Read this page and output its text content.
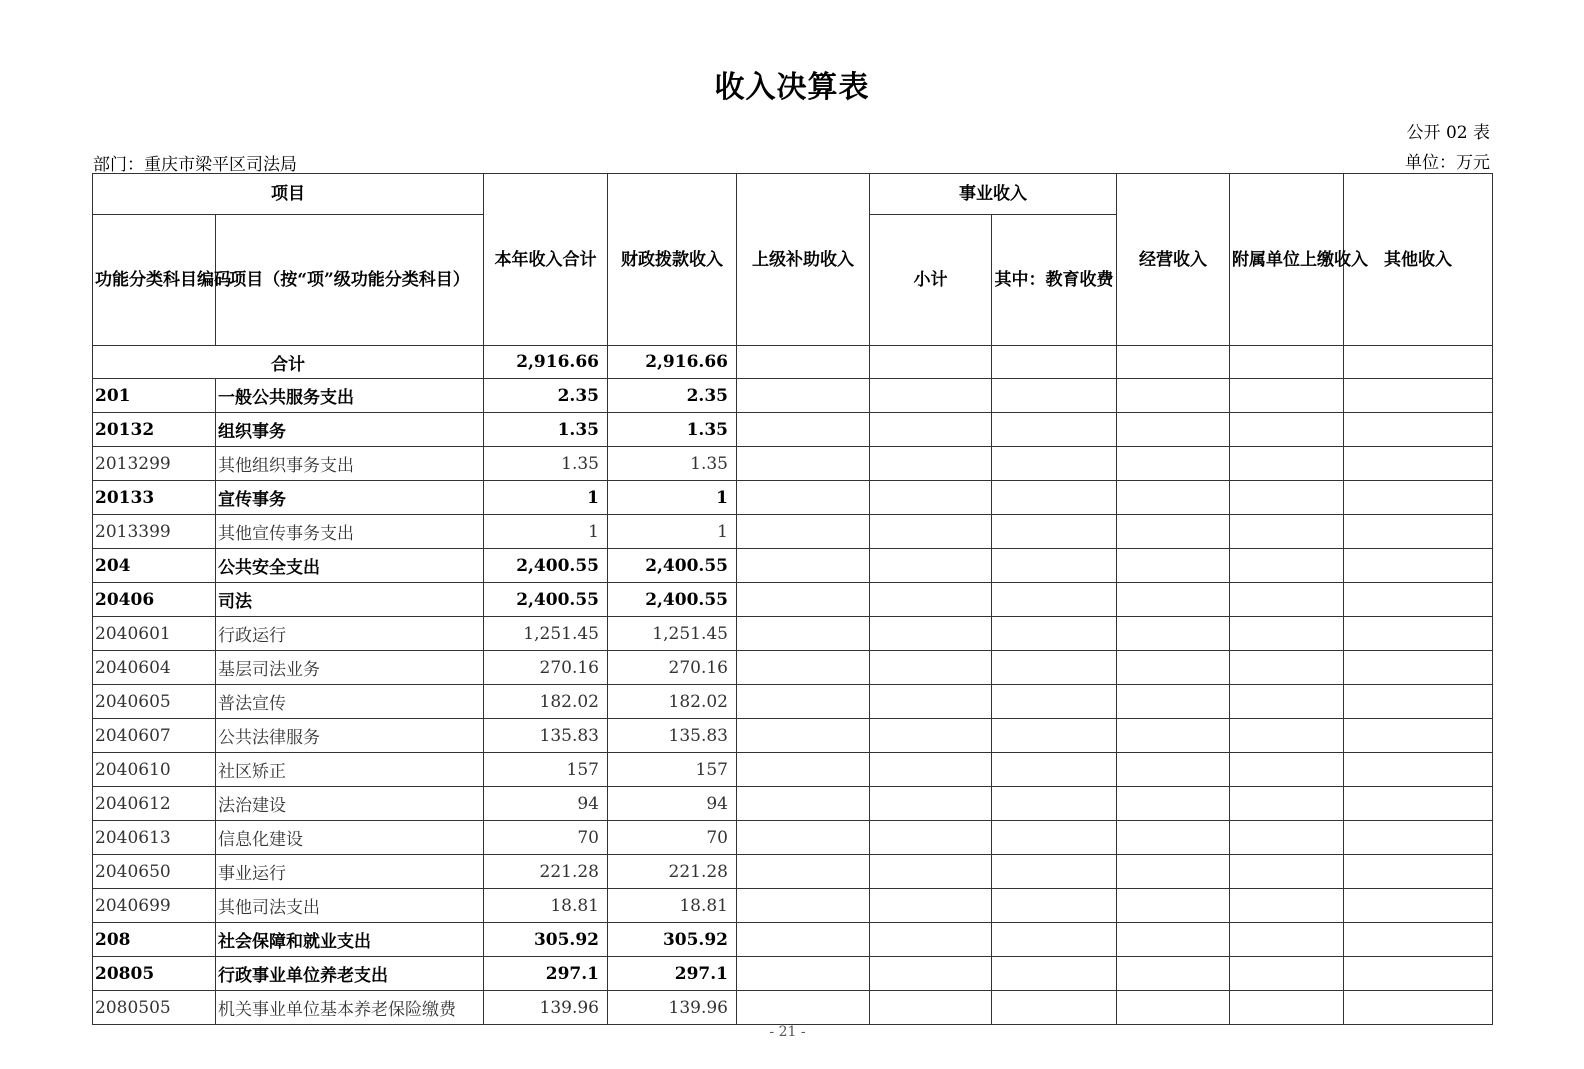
收入决算表
公开 02 表
部门：重庆市梁平区司法局	单位：万元
项目		本年收入合计	财政拨款收入	上级补助收入	事业收入		经营收入	附属单位上缴收入	其他收入
功能分类科目编码	项目（按“项”级功能分类科目）				小计	其中：教育收费			
合计		2,916.66	2,916.66						
201	一般公共服务支出	2.35	2.35						
20132	组织事务	1.35	1.35						
2013299	其他组织事务支出	1.35	1.35						
20133	宣传事务	1	1						
2013399	其他宣传事务支出	1	1						
204	公共安全支出	2,400.55	2,400.55						
20406	司法	2,400.55	2,400.55						
2040601	行政运行	1,251.45	1,251.45						
2040604	基层司法业务	270.16	270.16						
2040605	普法宣传	182.02	182.02						
2040607	公共法律服务	135.83	135.83						
2040610	社区矫正	157	157						
2040612	法治建设	94	94						
2040613	信息化建设	70	70						
2040650	事业运行	221.28	221.28						
2040699	其他司法支出	18.81	18.81						
208	社会保障和就业支出	305.92	305.92						
20805	行政事业单位养老支出	297.1	297.1						
2080505	机关事业单位基本养老保险缴费	139.96	139.96						
- 21 -
